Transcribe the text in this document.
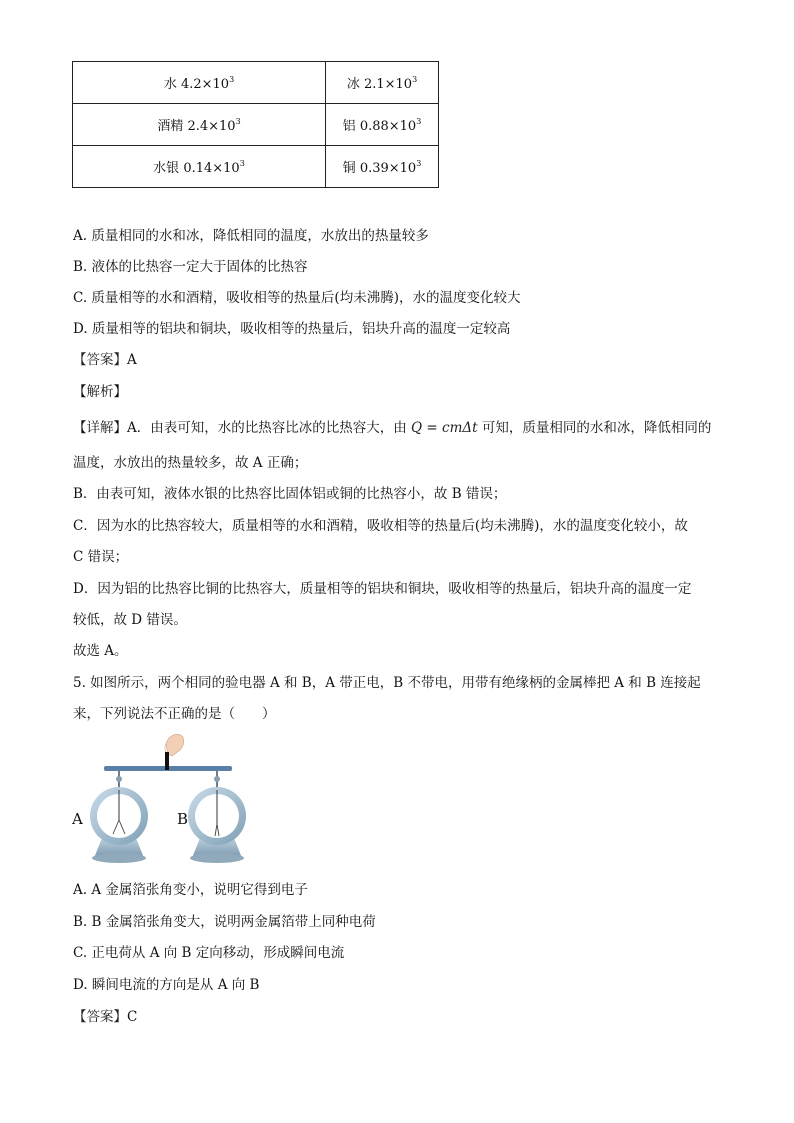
水 $4.2\times 10^3$	冰 $2.1\times 10^3$
酒精 $2.4\times 10^3$	铝 $0.88\times 10^3$
水银 $0.14\times 10^3$	铜 $0.39\times 10^3$
A. 质量相同的水和冰，降低相同的温度，水放出的热量较多
B. 液体的比热容一定大于固体的比热容
C. 质量相等的水和酒精，吸收相等的热量后(均未沸腾)，水的温度变化较大
D. 质量相等的铝块和铜块，吸收相等的热量后，铝块升高的温度一定较高
【答案】A
【解析】
【详解】A．由表可知，水的比热容比冰的比热容大，由 Q = cmΔt 可知，质量相同的水和冰，降低相同的
温度，水放出的热量较多，故 A 正确；
B．由表可知，液体水银的比热容比固体铝或铜的比热容小，故 B 错误；
C．因为水的比热容较大，质量相等的水和酒精，吸收相等的热量后(均未沸腾)，水的温度变化较小，故
C 错误；
D．因为铝的比热容比铜的比热容大，质量相等的铝块和铜块，吸收相等的热量后，铝块升高的温度一定
较低，故 D 错误。
故选 A。
5. 如图所示，两个相同的验电器 A 和 B，A 带正电，B 不带电，用带有绝缘柄的金属棒把 A 和 B 连接起
来，下列说法不正确的是（　　）
A	B
A. A 金属箔张角变小，说明它得到电子
B. B 金属箔张角变大，说明两金属箔带上同种电荷
C. 正电荷从 A 向 B 定向移动，形成瞬间电流
D. 瞬间电流的方向是从 A 向 B
【答案】C
